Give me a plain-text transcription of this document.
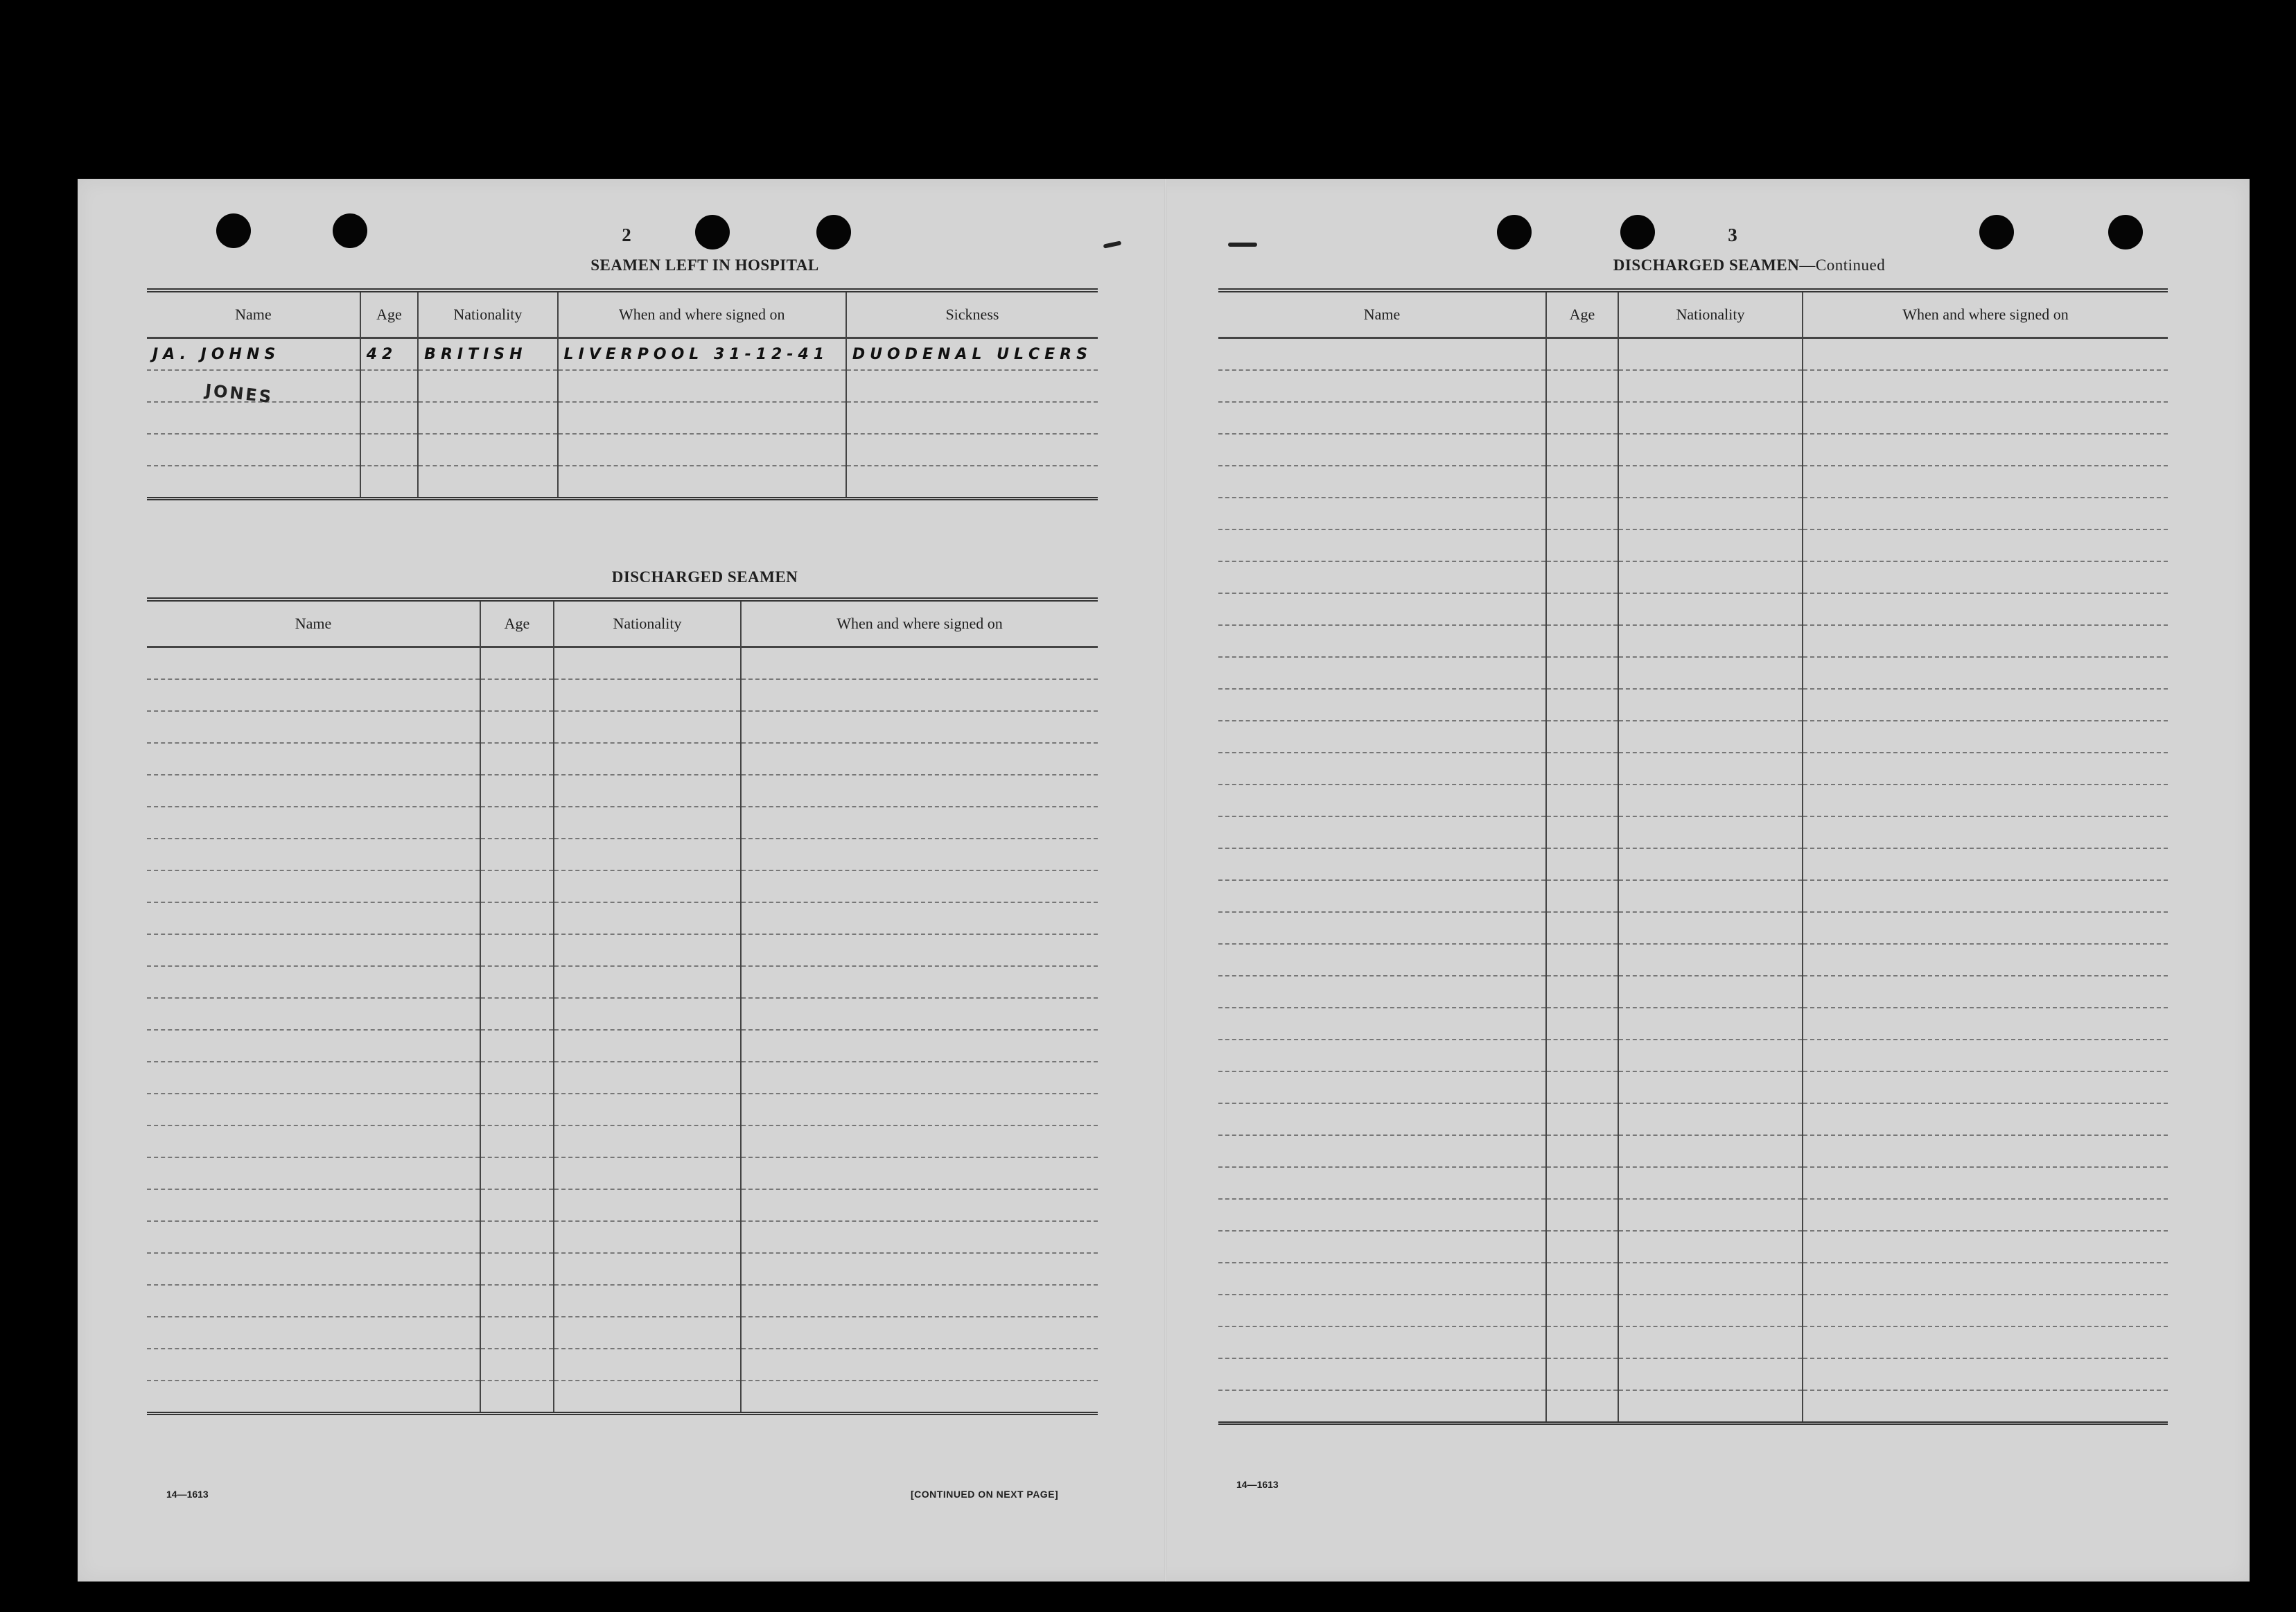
2
SEAMEN LEFT IN HOSPITAL
Name	Age	Nationality	When and where signed on	Sickness
JA. JOHNS	42	BRITISH	LIVERPOOL 31-12-41	DUODENAL ULCERS

JONES
DISCHARGED SEAMEN
Name	Age	Nationality	When and where signed on

14—1613	[CONTINUED ON NEXT PAGE]
3
DISCHARGED SEAMEN—Continued
Name	Age	Nationality	When and where signed on

14—1613
